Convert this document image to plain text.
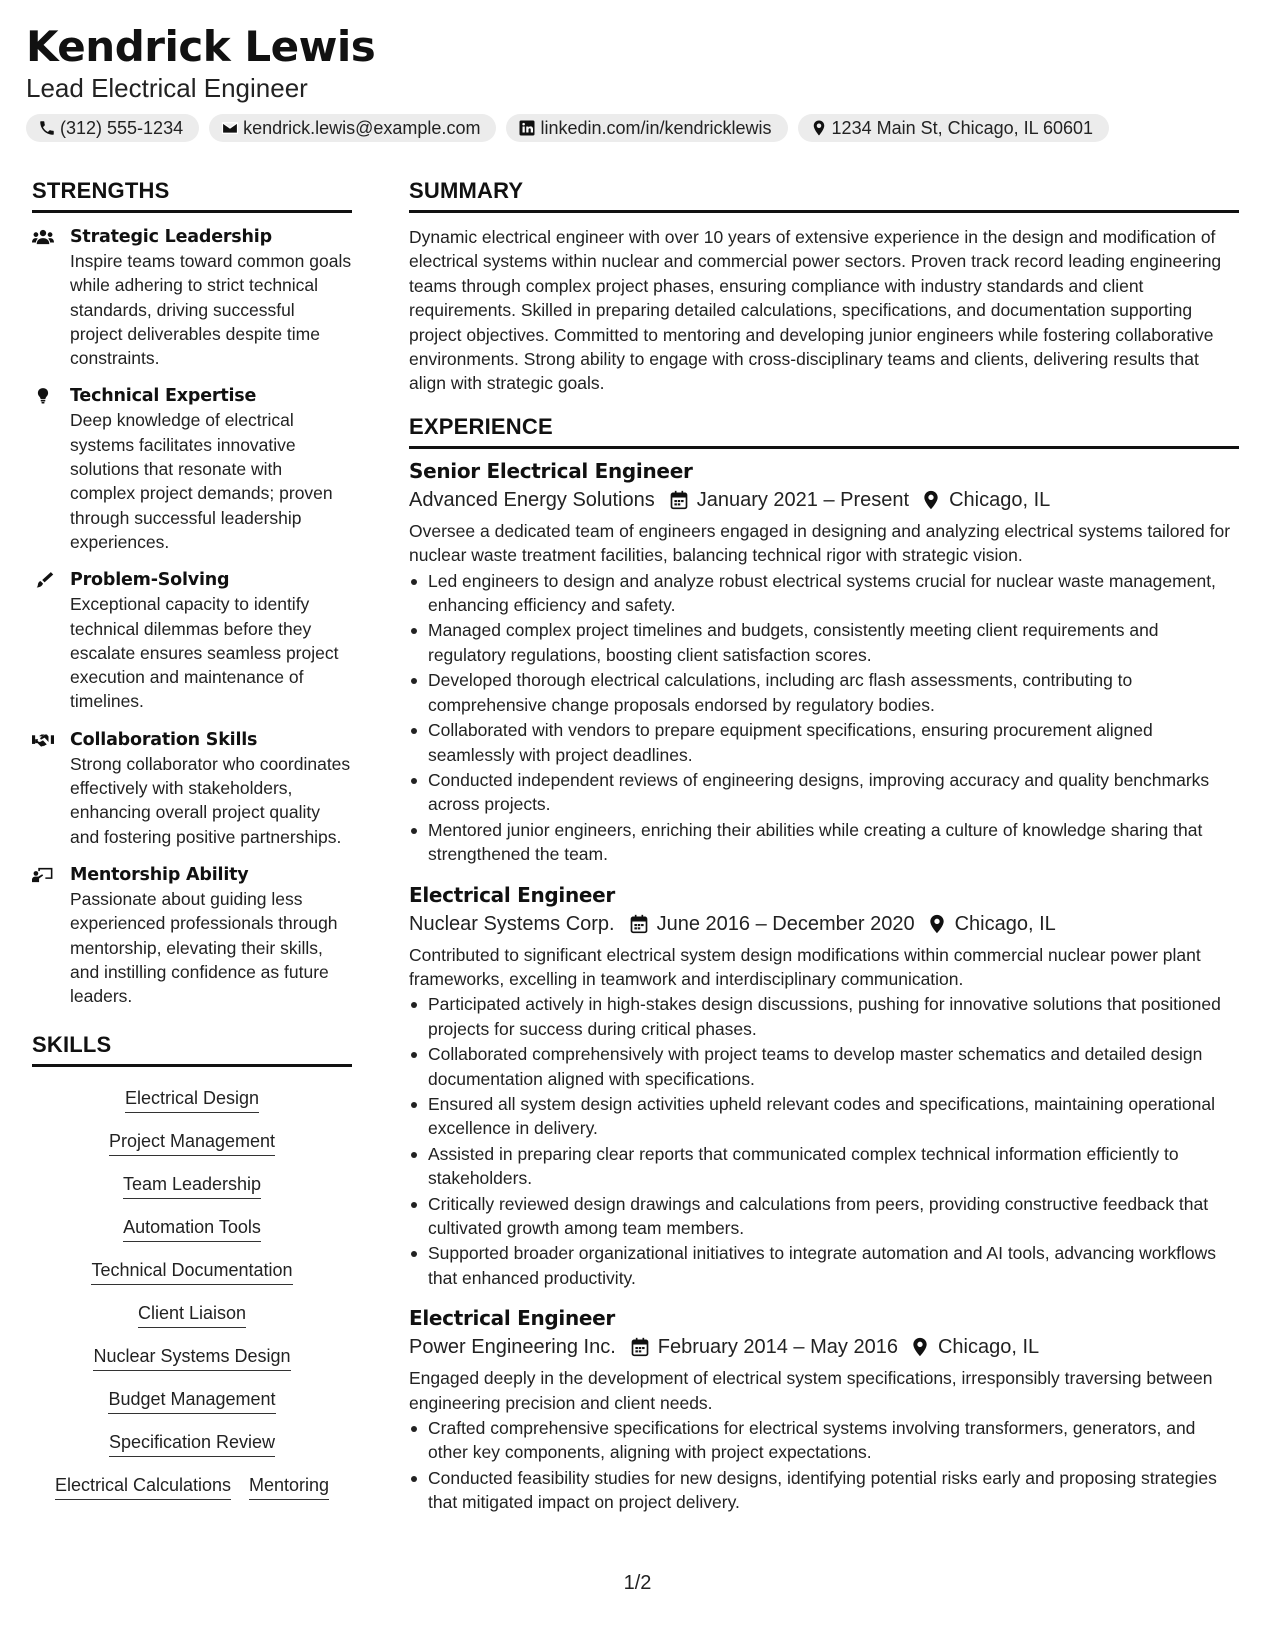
Kendrick Lewis
Lead Electrical Engineer
(312) 555-1234	kendrick.lewis@example.com	linkedin.com/in/kendricklewis	1234 Main St, Chicago, IL 60601
STRENGTHS
Strategic Leadership
Inspire teams toward common goals while adhering to strict technical standards, driving successful project deliverables despite time constraints.
Technical Expertise
Deep knowledge of electrical systems facilitates innovative solutions that resonate with complex project demands; proven through successful leadership experiences.
Problem-Solving
Exceptional capacity to identify technical dilemmas before they escalate ensures seamless project execution and maintenance of timelines.
Collaboration Skills
Strong collaborator who coordinates effectively with stakeholders, enhancing overall project quality and fostering positive partnerships.
Mentorship Ability
Passionate about guiding less experienced professionals through mentorship, elevating their skills, and instilling confidence as future leaders.
SKILLS
Electrical Design
Project Management
Team Leadership
Automation Tools
Technical Documentation
Client Liaison
Nuclear Systems Design
Budget Management
Specification Review
Electrical Calculations Mentoring
SUMMARY

Dynamic electrical engineer with over 10 years of extensive experience in the design and modification of electrical systems within nuclear and commercial power sectors. Proven track record leading engineering teams through complex project phases, ensuring compliance with industry standards and client requirements. Skilled in preparing detailed calculations, specifications, and documentation supporting project objectives. Committed to mentoring and developing junior engineers while fostering collaborative environments. Strong ability to engage with cross-disciplinary teams and clients, delivering results that align with strategic goals.

EXPERIENCE
Senior Electrical Engineer
Advanced Energy Solutions January 2021 – Present Chicago, IL

Oversee a dedicated team of engineers engaged in designing and analyzing electrical systems tailored for nuclear waste treatment facilities, balancing technical rigor with strategic vision.

Led engineers to design and analyze robust electrical systems crucial for nuclear waste management, enhancing efficiency and safety.
Managed complex project timelines and budgets, consistently meeting client requirements and regulatory regulations, boosting client satisfaction scores.
Developed thorough electrical calculations, including arc flash assessments, contributing to comprehensive change proposals endorsed by regulatory bodies.
Collaborated with vendors to prepare equipment specifications, ensuring procurement aligned seamlessly with project deadlines.
Conducted independent reviews of engineering designs, improving accuracy and quality benchmarks across projects.
Mentored junior engineers, enriching their abilities while creating a culture of knowledge sharing that strengthened the team.
Electrical Engineer
Nuclear Systems Corp. June 2016 – December 2020 Chicago, IL

Contributed to significant electrical system design modifications within commercial nuclear power plant frameworks, excelling in teamwork and interdisciplinary communication.

Participated actively in high-stakes design discussions, pushing for innovative solutions that positioned projects for success during critical phases.
Collaborated comprehensively with project teams to develop master schematics and detailed design documentation aligned with specifications.
Ensured all system design activities upheld relevant codes and specifications, maintaining operational excellence in delivery.
Assisted in preparing clear reports that communicated complex technical information efficiently to stakeholders.
Critically reviewed design drawings and calculations from peers, providing constructive feedback that cultivated growth among team members.
Supported broader organizational initiatives to integrate automation and AI tools, advancing workflows that enhanced productivity.
Electrical Engineer
Power Engineering Inc. February 2014 – May 2016 Chicago, IL

Engaged deeply in the development of electrical system specifications, irresponsibly traversing between engineering precision and client needs.

Crafted comprehensive specifications for electrical systems involving transformers, generators, and other key components, aligning with project expectations.
Conducted feasibility studies for new designs, identifying potential risks early and proposing strategies that mitigated impact on project delivery.
1/2
